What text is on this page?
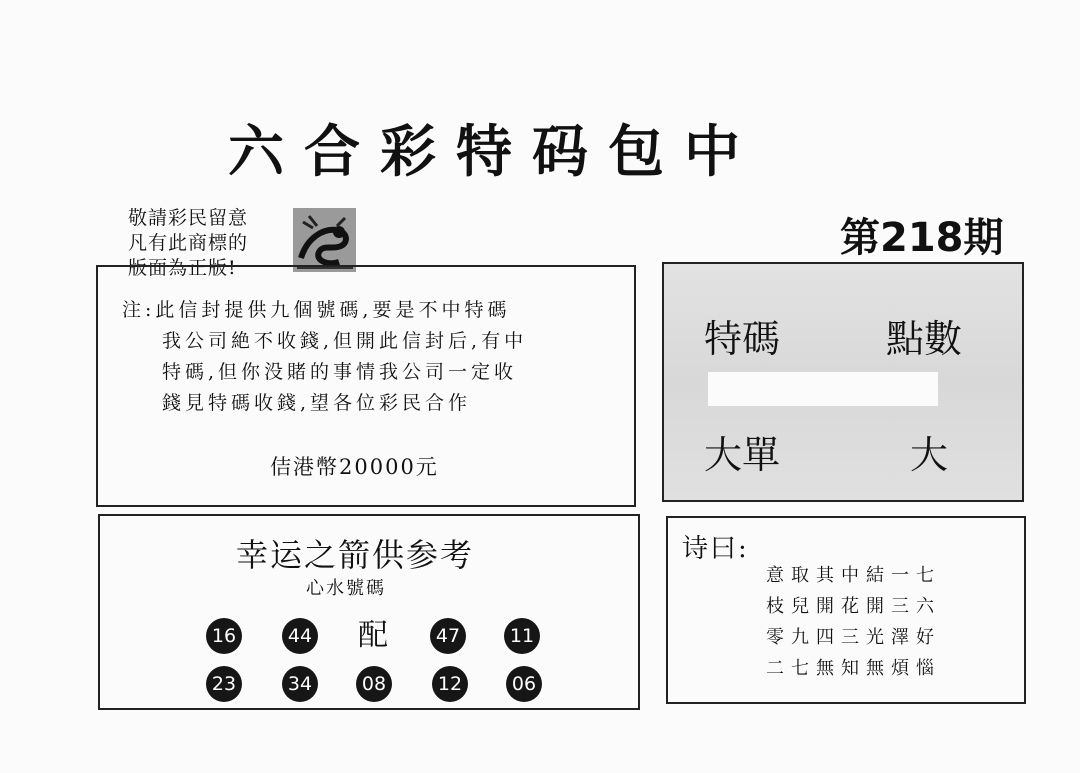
六合彩特码包中
敬請彩民留意
凡有此商標的
版面為正版!
第218期
注:此信封提供九個號碼,要是不中特碼
我公司絶不收錢,但開此信封后,有中
特碼,但你没賭的事情我公司一定收
錢見特碼收錢,望各位彩民合作
佶港幣20000元
特碼	點數
大單	大
幸运之箭供参考
心水號碼
16	44 配	47	11
23	34	08	12	06
诗曰:
意取其中結一七
枝兒開花開三六
零九四三光澤好
二七無知無煩惱
